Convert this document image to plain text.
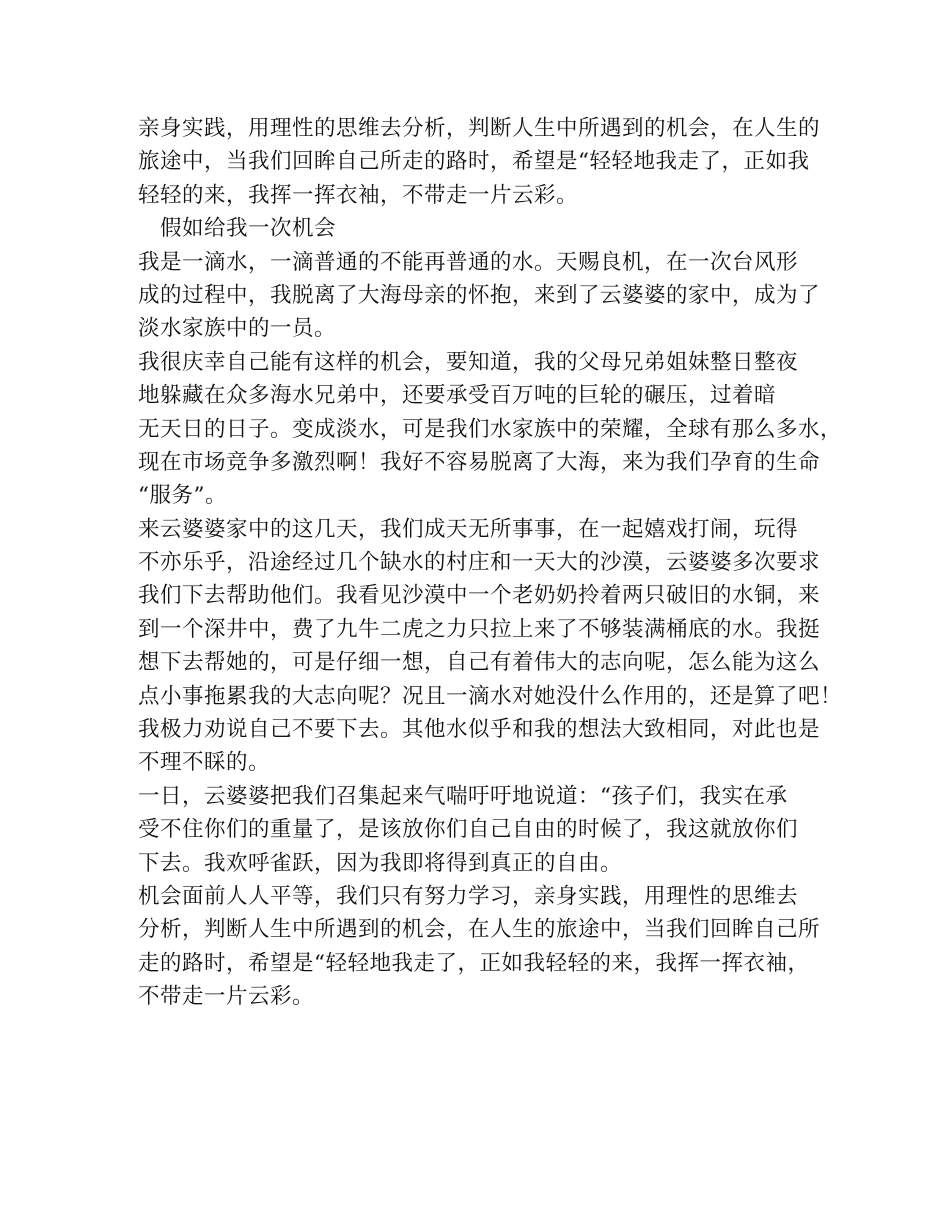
亲身实践，用理性的思维去分析，判断人生中所遇到的机会，在人生的
旅途中，当我们回眸自己所走的路时，希望是“轻轻地我走了，正如我
轻轻的来，我挥一挥衣袖，不带走一片云彩。
　假如给我一次机会
我是一滴水，一滴普通的不能再普通的水。天赐良机，在一次台风形
成的过程中，我脱离了大海母亲的怀抱，来到了云婆婆的家中，成为了
淡水家族中的一员。
我很庆幸自己能有这样的机会，要知道，我的父母兄弟姐妹整日整夜
地躲藏在众多海水兄弟中，还要承受百万吨的巨轮的碾压，过着暗
无天日的日子。变成淡水，可是我们水家族中的荣耀，全球有那么多水，
现在市场竞争多激烈啊！我好不容易脱离了大海，来为我们孕育的生命
“服务”。
来云婆婆家中的这几天，我们成天无所事事，在一起嬉戏打闹，玩得
不亦乐乎，沿途经过几个缺水的村庄和一天大的沙漠，云婆婆多次要求
我们下去帮助他们。我看见沙漠中一个老奶奶拎着两只破旧的水铜，来
到一个深井中，费了九牛二虎之力只拉上来了不够装满桶底的水。我挺
想下去帮她的，可是仔细一想，自己有着伟大的志向呢，怎么能为这么
点小事拖累我的大志向呢？况且一滴水对她没什么作用的，还是算了吧！
我极力劝说自己不要下去。其他水似乎和我的想法大致相同，对此也是
不理不睬的。
一日，云婆婆把我们召集起来气喘吁吁地说道：“孩子们，我实在承
受不住你们的重量了，是该放你们自己自由的时候了，我这就放你们
下去。我欢呼雀跃，因为我即将得到真正的自由。
机会面前人人平等，我们只有努力学习，亲身实践，用理性的思维去
分析，判断人生中所遇到的机会，在人生的旅途中，当我们回眸自己所
走的路时，希望是“轻轻地我走了，正如我轻轻的来，我挥一挥衣袖，
不带走一片云彩。
